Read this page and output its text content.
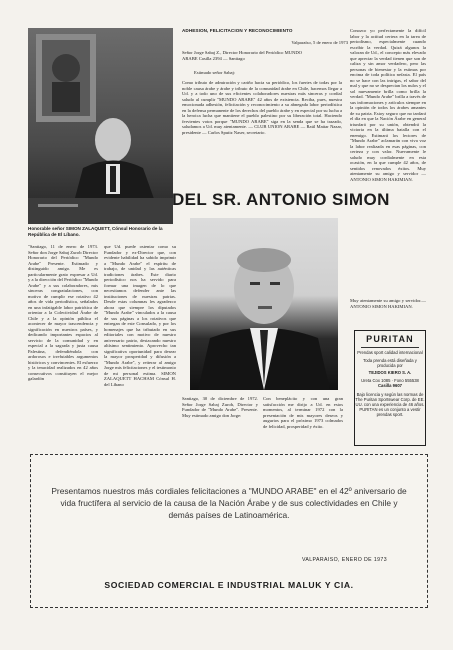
Honorable señor SIMON ZALAQUETT, Cónsul Honorario de la República de El Líbano.
"Santiago, 11 de enero de 1973. Señor don Jorge Sabaj Zurob Director Honorario del Periódico "Mundo Arabe" Presente. Estimado y distinguido amigo. Me es particularmente grato expresar a Ud. y a la dirección del Periódico "Mundo Arabe" y a sus colaboradores, mis sinceras congratulaciones, con motivo de cumplir ese rotativo 42 años de vida periodística, señalados en una infatigable labor patriótica de orientar a la Colectividad Árabe de Chile y a la opinión pública el acontecer de mayor trascendencia y significación en nuestros países, y dedicando importantes espacios al servicio de la comunidad y en especial a la sagrada y justa causa Palestina, defendiéndola con ardorosos e irrefutables argumentos históricos y convincentes. El esfuerzo y la tenacidad realizados en 42 años consecutivos constituyen el mejor galardón
que Ud. puede ostentar como su Fundador y ex-Director que, con evidente habilidad ha sabido imprimir a "Mundo Arabe" el espíritu de trabajo, de unidad y las auténticas tradiciones árabes. Este diario periodístico nos ha servido para formar una imagen de lo que necesitamos defender ante las instituciones de nuestras patrias. Desde estas columnas les agradezco ahora que siempre los diputados "Mundo Arabe" vinculados a la causa de sus páginas a los rotativos que entregan de este Consulado, y por los homenajes que ha tributado en sus editoriales con motivo de nuestro aniversario patrio, destacando nuestro altísimo sentimiento. Aprovecho tan significativa oportunidad para desear la mayor prosperidad y difusión a "Mundo Arabe", y reiterar al amigo Jorge mis felicitaciones y el testimonio de mi personal estima. SIMON ZALAQUETT HACHAM Cónsul H. del Líbano
ADHESION, FELICITACION Y RECONOCIMIENTO
Valparaíso, 5 de enero de 1973
Señor Jorge Sabaj Z., Director Honorario del Periódico MUNDO ARABE Casilla 2394 — Santiago
Estimado señor Sabaj:
Como tributo de admiración y cariño hacia su periódico, los fuertes de todas por la noble causa árabe y árabe y tributo de la comunidad árabe en Chile, hacemos llegar a Ud. y a todo uno de sus eficientes colaboradores nuestras más sinceras y cordial saludo al cumplir "MUNDO ARABE" 42 años de existencia. Reciba, pues, nuestra emocionada adhesión, felicitación y reconocimiento a su abnegada labor periodística en la defensa permanente de los derechos del pueblo árabe y en especial por su lucha a la heroica lucha que mantiene el pueblo palestino por su liberación total. Haciendo fervientes votos porque "MUNDO ARABE" siga en la senda que se ha trazado, saludamos a Ud. muy atentamente. — CLUB UNION ARABE — Raúl Mattar Nazar, presidente — Carlos Sputiz Naser, secretario.
DEL SR. ANTONIO SIMON
Santiago, 30 de diciembre de 1972. Señor Jorge Sabaj Zurob, Director y Fundador de "Mundo Arabe". Presente. Muy estimado amigo don Jorge:
Con beneplácito y con una gran satisfacción me dirijo a Ud. en estos momentos, al terminar 1972 con la presentación de mis mayores deseos y augurios para el próximo 1973 colmados de felicidad, prosperidad y éxito.
Conozco yo perfectamente la difícil labor y la actitud certera en la tarea de periodismo, especialmente cuando escribir la verdad. Quizá algunos la valoran de Ud., el concepto más elevado que apreciar la verdad tienen que son de caliza y sin amor verdadero, pero las personas de bienestar y la estimas por encima de toda política nefasta. El país no se hace con las intrigas, el sabor del mal y que no se desprecian los nulos y el sol nuevamente brilla como brilla la verdad. "Mundo Arabe" brilla a través de sus informaciones y artículos siempre en la opinión de todos los árabes amantes de su patria. Estoy seguro que no tardará el día en que la Nación Árabe en general triunfará por su unión, obtendrá la victoria en la última batalla con el enemigo. Estimará los lectores de "Mundo Arabe" aclamarán con viva voz la labor realizada en esas páginas, con certeza y con valor. Nuevamente le saludo muy cordialmente en esta ocasión, en la que cumple 42 años, de sentidos renovados éxitos. Muy atentamente su amigo y servidor — ANTONIO SIMON HAKIMIAN.
Muy atentamente su amigo y servidor.— ANTONIO SIMON HAKIMIAN.
PURITAN
Prendas sport calidad internacional
Toda prenda está diseñada y producida por
TEJIDOS KIERO S. A.
Ureta Cox 1085 · Fono 555538
Casilla 9607
Bajo licencia y según las normas de The Puritan Sportswear Corp. de EE. UU. con una experiencia de 46 años. PURITAN es un conjunto a vestir prendas sport.
Presentamos nuestros más cordiales felicitaciones a "MUNDO ARABE" en el 42º aniversario de vida fructífera al servicio de la causa de la Nación Árabe y de sus colectividades en Chile y demás países de Latinoamérica.
VALPARAISO, ENERO DE 1973
SOCIEDAD COMERCIAL E INDUSTRIAL MALUK Y CIA.
